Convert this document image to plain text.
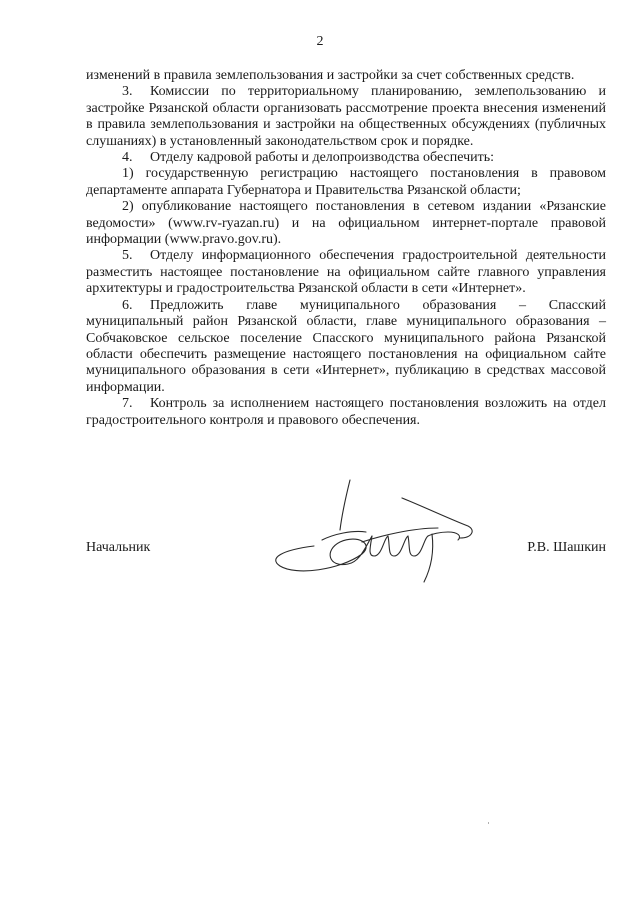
2

изменений в правила землепользования и застройки за счет собственных средств.

3. Комиссии по территориальному планированию, землепользованию и застройке Рязанской области организовать рассмотрение проекта внесения изменений в правила землепользования и застройки на общественных обсуждениях (публичных слушаниях) в установленный законодательством срок и порядке.

4. Отделу кадровой работы и делопроизводства обеспечить:

1) государственную регистрацию настоящего постановления в правовом департаменте аппарата Губернатора и Правительства Рязанской области;

2) опубликование настоящего постановления в сетевом издании «Рязанские ведомости» (www.rv-ryazan.ru) и на официальном интернет-портале правовой информации (www.pravo.gov.ru).

5. Отделу информационного обеспечения градостроительной деятельности разместить настоящее постановление на официальном сайте главного управления архитектуры и градостроительства Рязанской области в сети «Интернет».

6. Предложить главе муниципального образования – Спасский муниципальный район Рязанской области, главе муниципального образования – Собчаковское сельское поселение Спасского муниципального района Рязанской области обеспечить размещение настоящего постановления на официальном сайте муниципального образования в сети «Интернет», публикацию в средствах массовой информации.

7. Контроль за исполнением настоящего постановления возложить на отдел градостроительного контроля и правового обеспечения.

Начальник	Р.В. Шашкин
